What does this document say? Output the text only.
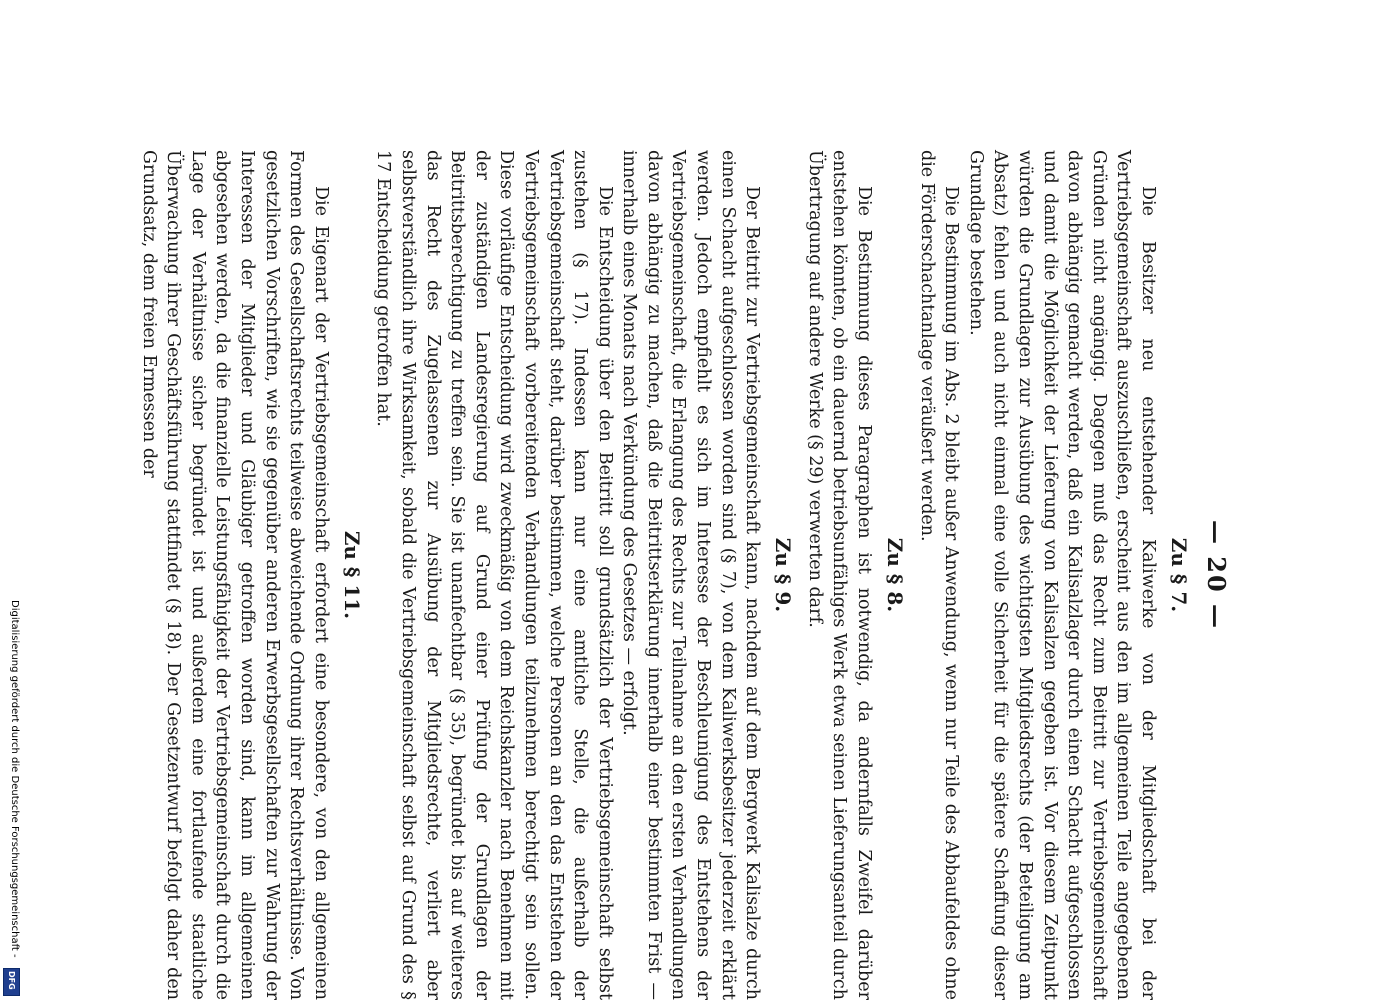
— 20 —
Zu § 7.

Die Besitzer neu entstehender Kaliwerke von der Mitgliedschaft bei der Vertriebsgemeinschaft auszuschließen, erscheint aus den im allgemeinen Teile angegebenen Gründen nicht angängig. Dagegen muß das Recht zum Beitritt zur Vertriebsgemeinschaft davon abhängig gemacht werden, daß ein Kalisalzlager durch einen Schacht aufgeschlossen und damit die Möglichkeit der Lieferung von Kalisalzen gegeben ist. Vor diesem Zeitpunkt würden die Grundlagen zur Ausübung des wichtigsten Mitgliedsrechts (der Beteiligung am Absatz) fehlen und auch nicht einmal eine volle Sicherheit für die spätere Schaffung dieser Grundlage bestehen.

Die Bestimmung im Abs. 2 bleibt außer Anwendung, wenn nur Teile des Abbaufeldes ohne die Förderschachtanlage veräußert werden.

Zu § 8.

Die Bestimmung dieses Paragraphen ist notwendig, da andernfalls Zweifel darüber entstehen könnten, ob ein dauernd betriebsunfähiges Werk etwa seinen Lieferungsanteil durch Übertragung auf andere Werke (§ 29) verwerten darf.

Zu § 9.

Der Beitritt zur Vertriebsgemeinschaft kann, nachdem auf dem Bergwerk Kalisalze durch einen Schacht aufgeschlossen worden sind (§ 7), von dem Kaliwerksbesitzer jederzeit erklärt werden. Jedoch empfiehlt es sich im Interesse der Beschleunigung des Entstehens der Vertriebsgemeinschaft, die Erlangung des Rechts zur Teilnahme an den ersten Verhandlungen davon abhängig zu machen, daß die Beitrittserklärung innerhalb einer bestimmten Frist — innerhalb eines Monats nach Verkündung des Gesetzes — erfolgt.

Die Entscheidung über den Beitritt soll grundsätzlich der Vertriebsgemeinschaft selbst zustehen (§ 17). Indessen kann nur eine amtliche Stelle, die außerhalb der Vertriebsgemeinschaft steht, darüber bestimmen, welche Personen an den das Entstehen der Vertriebsgemeinschaft vorbereitenden Verhandlungen teilzunehmen berechtigt sein sollen. Diese vorläufige Entscheidung wird zweckmäßig von dem Reichskanzler nach Benehmen mit der zuständigen Landesregierung auf Grund einer Prüfung der Grundlagen der Beitrittsberechtigung zu treffen sein. Sie ist unanfechtbar (§ 35), begründet bis auf weiteres das Recht des Zugelassenen zur Ausübung der Mitgliedsrechte, verliert aber selbstverständlich ihre Wirksamkeit, sobald die Vertriebsgemeinschaft selbst auf Grund des § 17 Entscheidung getroffen hat.

Zu § 11.

Die Eigenart der Vertriebsgemeinschaft erfordert eine besondere, von den allgemeinen Formen des Gesellschaftsrechts teilweise abweichende Ordnung ihrer Rechtsverhältnisse. Von gesetzlichen Vorschriften, wie sie gegenüber anderen Erwerbsgesellschaften zur Wahrung der Interessen der Mitglieder und Gläubiger getroffen worden sind, kann im allgemeinen abgesehen werden, da die finanzielle Leistungsfähigkeit der Vertriebsgemeinschaft durch die Lage der Verhältnisse sicher begründet ist und außerdem eine fortlaufende staatliche Überwachung ihrer Geschäftsführung stattfindet (§ 18). Der Gesetzentwurf befolgt daher den Grundsatz, dem freien Ermessen der

Digitalisierung gefördert durch die Deutsche Forschungsgemeinschaft -
DFG
